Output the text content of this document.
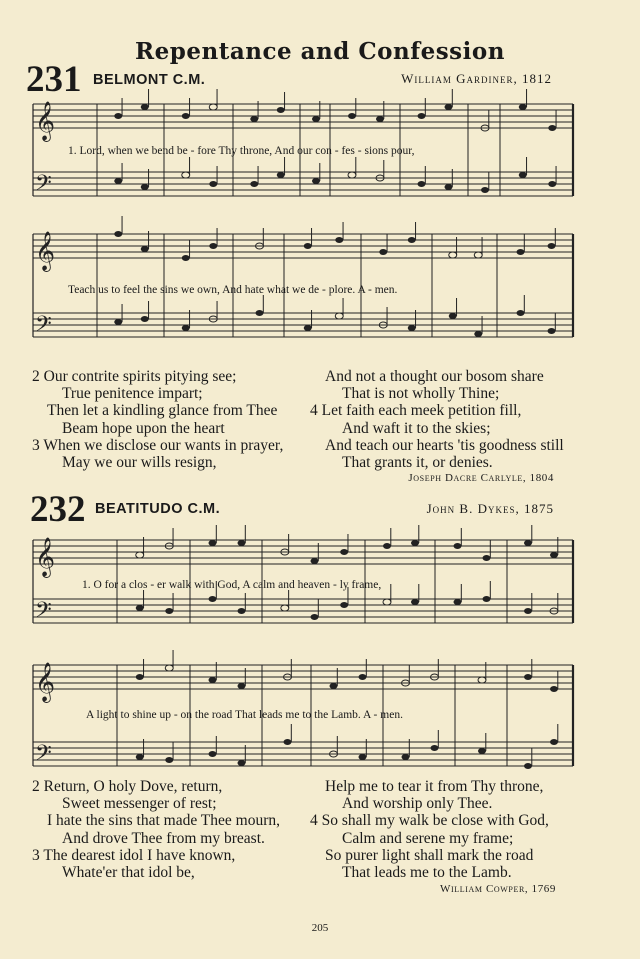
Repentance and Confession
231 BELMONT C.M.	William Gardiner, 1812
𝄞
𝄢
𝄞
𝄢
𝄞
𝄢
𝄞
𝄢
1. Lord, when we bend be - fore Thy throne, And our con - fes - sions pour,
Teach us to feel the sins we own, And hate what we de - plore. A - men.
2 Our contrite spirits pitying see;
True penitence impart;
Then let a kindling glance from Thee
Beam hope upon the heart
3 When we disclose our wants in prayer,
May we our wills resign,
And not a thought our bosom share
That is not wholly Thine;
4 Let faith each meek petition fill,
And waft it to the skies;
And teach our hearts 'tis goodness still
That grants it, or denies.
Joseph Dacre Carlyle, 1804
232 BEATITUDO C.M.	John B. Dykes, 1875
1. O for a clos - er walk with God, A calm and heaven - ly frame,
A light to shine up - on the road That leads me to the Lamb. A - men.
2 Return, O holy Dove, return,
Sweet messenger of rest;
I hate the sins that made Thee mourn,
And drove Thee from my breast.
3 The dearest idol I have known,
Whate'er that idol be,
Help me to tear it from Thy throne,
And worship only Thee.
4 So shall my walk be close with God,
Calm and serene my frame;
So purer light shall mark the road
That leads me to the Lamb.
William Cowper, 1769
205
